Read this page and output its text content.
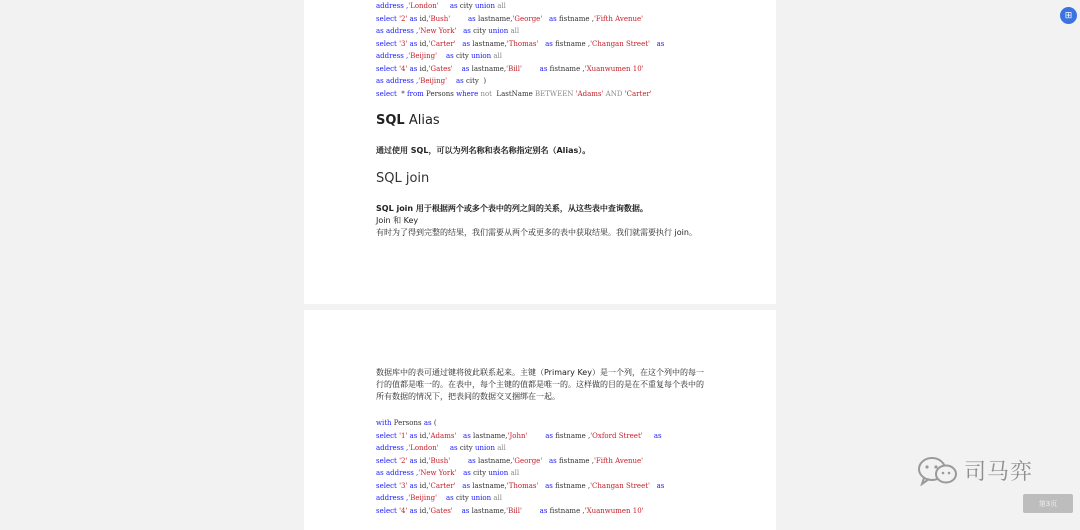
⊞
address ,'London'     as city union all
select '2' as id,'Bush'        as lastname,'George'   as fistname ,'Fifth Avenue'
as address ,'New York'   as city union all
select '3' as id,'Carter'   as lastname,'Thomas'   as fistname ,'Changan Street'   as
address ,'Beijing'    as city union all
select '4' as id,'Gates'    as lastname,'Bill'        as fistname ,'Xuanwumen 10'
as address ,'Beijing'    as city  )
select  * from Persons where not  LastName BETWEEN 'Adams' AND 'Carter'

SQL Alias

通过使用 SQL，可以为列名称和表名称指定别名（Alias）。

SQL join

SQL join 用于根据两个或多个表中的列之间的关系，从这些表中查询数据。
Join 和 Key
有时为了得到完整的结果，我们需要从两个或更多的表中获取结果。我们就需要执行 join。
数据库中的表可通过键将彼此联系起来。主键（Primary Key）是一个列，在这个列中的每一行的值都是唯一的。在表中，每个主键的值都是唯一的。这样做的目的是在不重复每个表中的所有数据的情况下，把表间的数据交叉捆绑在一起。
with Persons as (
select '1' as id,'Adams'   as lastname,'John'        as fistname ,'Oxford Street'     as
address ,'London'     as city union all
select '2' as id,'Bush'        as lastname,'George'   as fistname ,'Fifth Avenue'
as address ,'New York'   as city union all
select '3' as id,'Carter'   as lastname,'Thomas'   as fistname ,'Changan Street'   as
address ,'Beijing'    as city union all
select '4' as id,'Gates'    as lastname,'Bill'        as fistname ,'Xuanwumen 10'
司马弈
第3页
